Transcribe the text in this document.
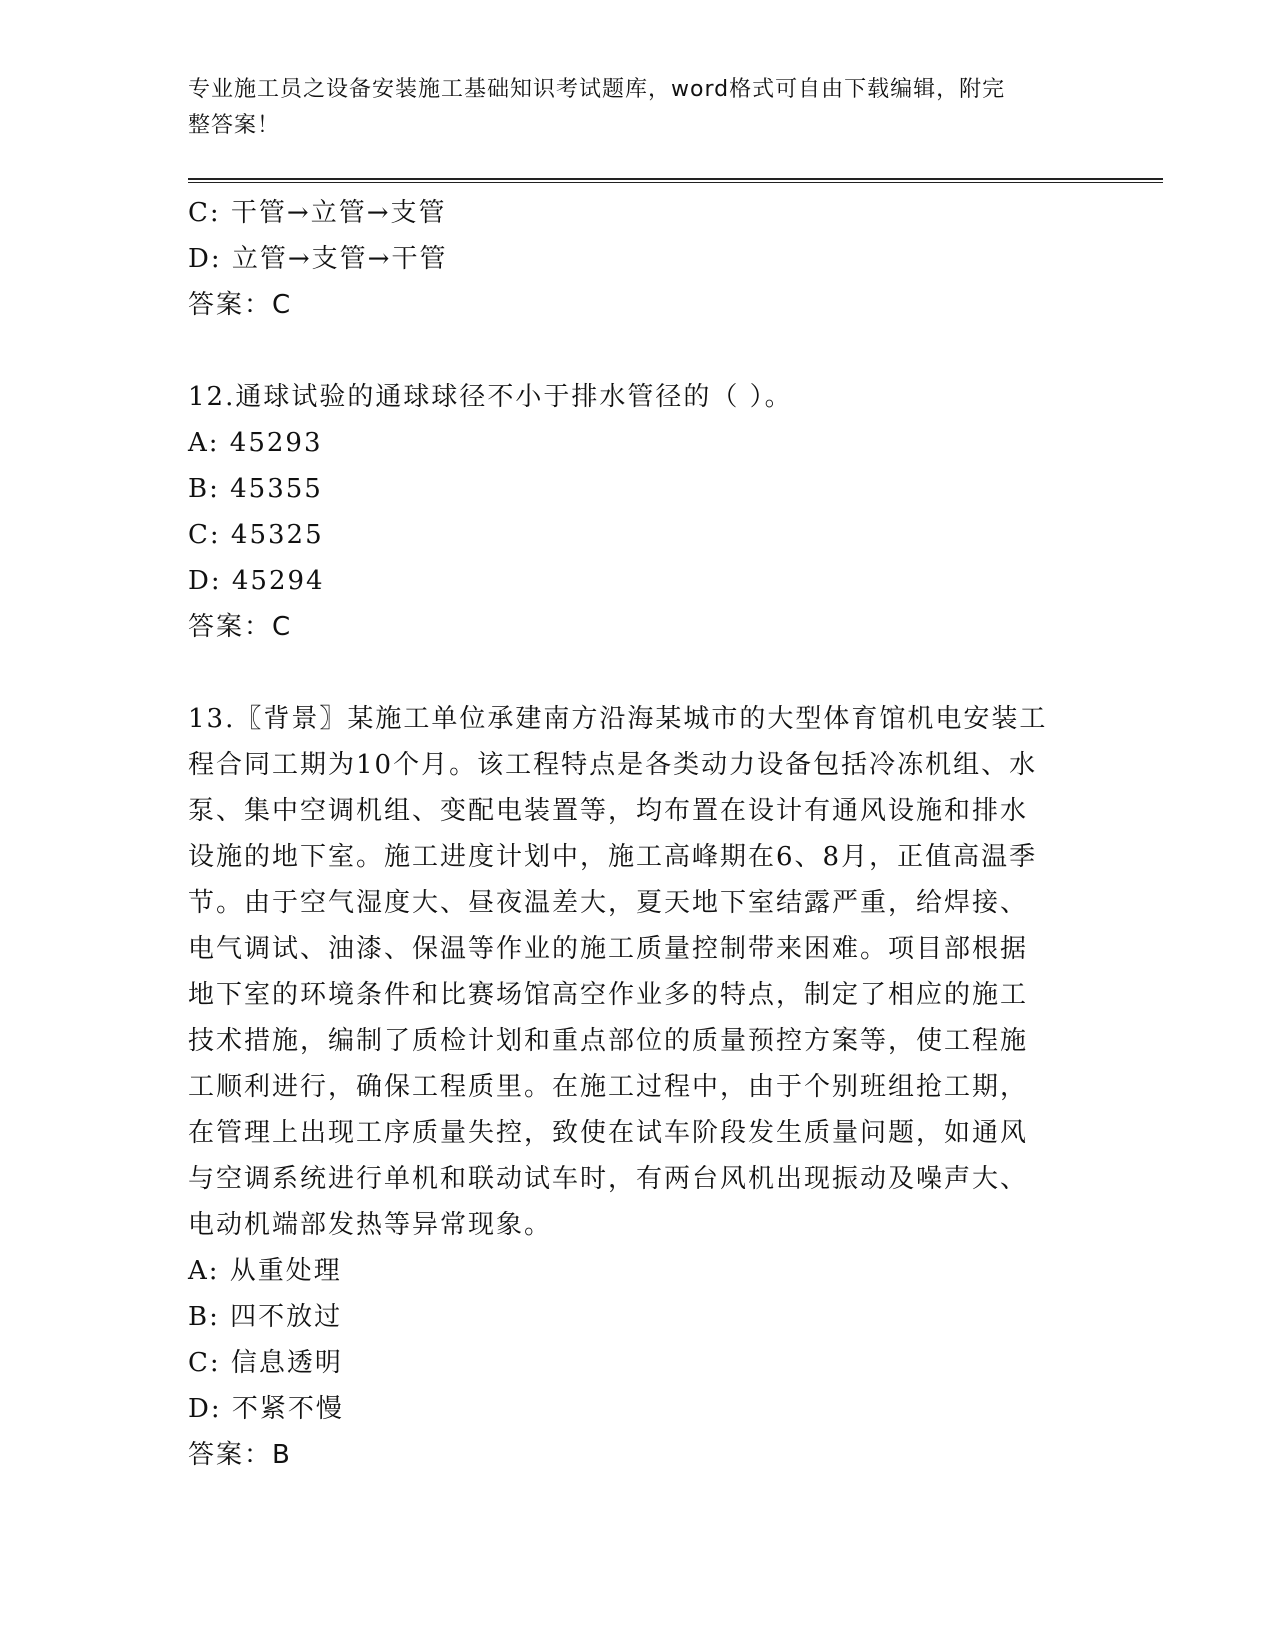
专业施工员之设备安装施工基础知识考试题库，word格式可自由下载编辑，附完
整答案！
C: 干管→立管→支管
D: 立管→支管→干管
答案：C
12.通球试验的通球球径不小于排水管径的（ ）。
A: 45293
B: 45355
C: 45325
D: 45294
答案：C
13.〖背景〗某施工单位承建南方沿海某城市的大型体育馆机电安装工
程合同工期为10个月。该工程特点是各类动力设备包括冷冻机组、水
泵、集中空调机组、变配电装置等，均布置在设计有通风设施和排水
设施的地下室。施工进度计划中，施工高峰期在6、8月，正值高温季
节。由于空气湿度大、昼夜温差大，夏天地下室结露严重，给焊接、
电气调试、油漆、保温等作业的施工质量控制带来困难。项目部根据
地下室的环境条件和比赛场馆高空作业多的特点，制定了相应的施工
技术措施，编制了质检计划和重点部位的质量预控方案等，使工程施
工顺利进行，确保工程质里。在施工过程中，由于个别班组抢工期，
在管理上出现工序质量失控，致使在试车阶段发生质量问题，如通风
与空调系统进行单机和联动试车时，有两台风机出现振动及噪声大、
电动机端部发热等异常现象。
A: 从重处理
B: 四不放过
C: 信息透明
D: 不紧不慢
答案：B
